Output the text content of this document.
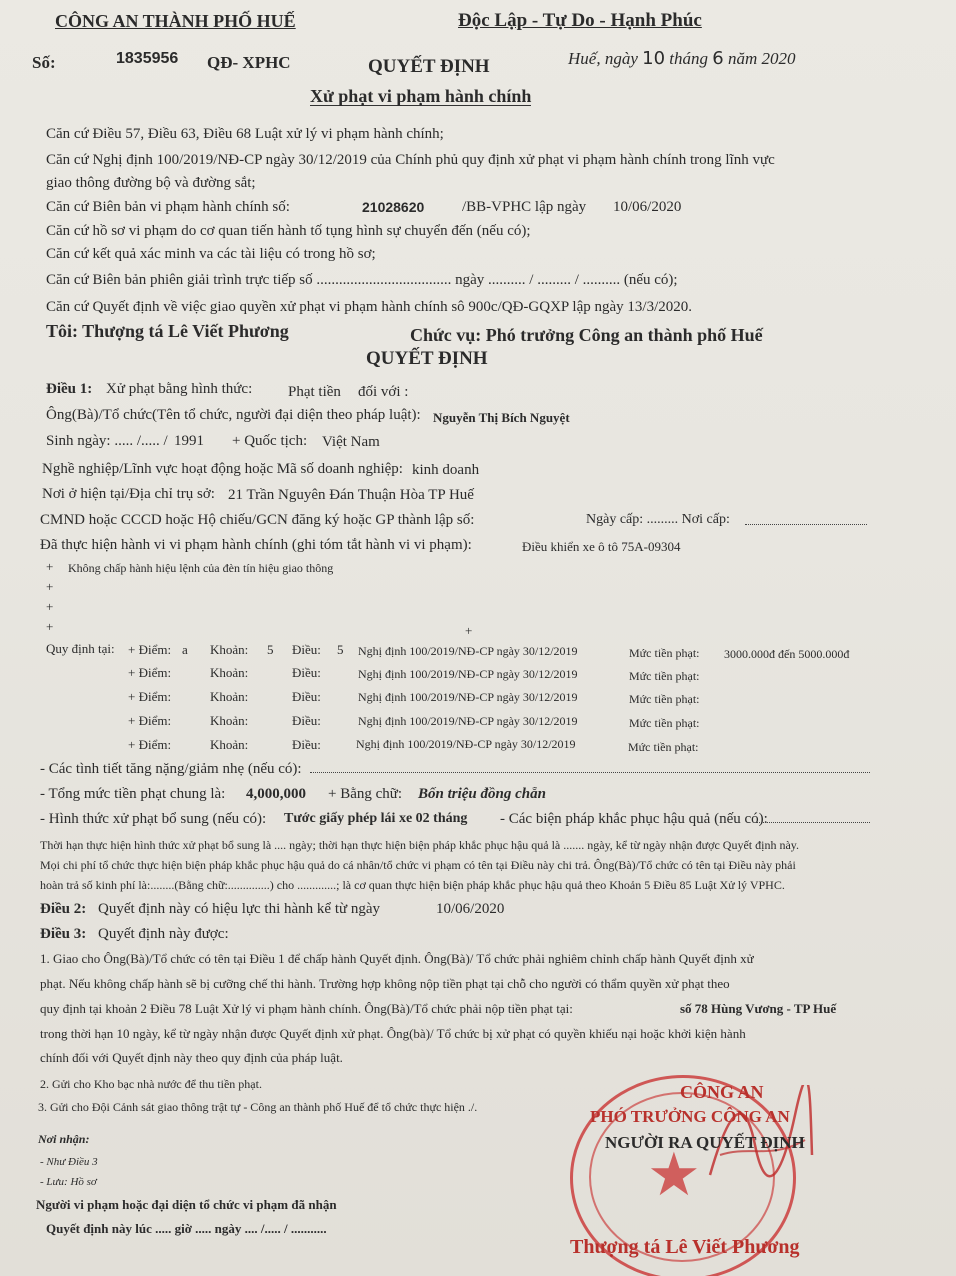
CÔNG AN THÀNH PHỐ HUẾ	Độc Lập - Tự Do - Hạnh Phúc
Số:	1835956 QĐ- XPHC	QUYẾT ĐỊNH	Huế, ngày 10 tháng 6 năm 2020
Xử phạt vi phạm hành chính
Căn cứ Điều 57, Điều 63, Điều 68 Luật xử lý vi phạm hành chính;
Căn cứ Nghị định 100/2019/NĐ-CP ngày 30/12/2019 của Chính phủ quy định xử phạt vi phạm hành chính trong lĩnh vực
giao thông đường bộ và đường sắt;
Căn cứ Biên bản vi phạm hành chính số:	21028620	/BB-VPHC lập ngày 10/06/2020
Căn cứ hồ sơ vi phạm do cơ quan tiến hành tố tụng hình sự chuyển đến (nếu có);
Căn cứ kết quả xác minh va các tài liệu có trong hồ sơ;
Căn cứ Biên bản phiên giải trình trực tiếp số .................................... ngày .......... / ......... / .......... (nếu có);
Căn cứ Quyết định về việc giao quyền xử phạt vi phạm hành chính sô 900c/QĐ-GQXP lập ngày 13/3/2020.
Tôi: Thượng tá Lê Viết Phương	Chức vụ: Phó trưởng Công an thành phố Huế
QUYẾT ĐỊNH
Điều 1: Xử phạt bằng hình thức: Phạt tiền đối với :
Ông(Bà)/Tổ chức(Tên tổ chức, người đại diện theo pháp luật): Nguyễn Thị Bích Nguyệt
Sinh ngày: ..... /..... / 1991 + Quốc tịch: Việt Nam
Nghề nghiệp/Lĩnh vực hoạt động hoặc Mã số doanh nghiệp: kinh doanh
Nơi ở hiện tại/Địa chỉ trụ sở: 21 Trần Nguyên Đán Thuận Hòa TP Huế
CMND hoặc CCCD hoặc Hộ chiếu/GCN đăng ký hoặc GP thành lập số:	Ngày cấp: ......... Nơi cấp:
Đã thực hiện hành vi vi phạm hành chính (ghi tóm tắt hành vi vi phạm):	Điều khiển xe ô tô 75A-09304
+ Không chấp hành hiệu lệnh của đèn tín hiệu giao thông
+
+
+	+
Quy định tại: + Điểm: a Khoản: 5 Điều: 5 Nghị định 100/2019/NĐ-CP ngày 30/12/2019	Mức tiền phạt: 3000.000đ đến 5000.000đ
+ Điểm:	Khoản:	Điều:	Nghị định 100/2019/NĐ-CP ngày 30/12/2019	Mức tiền phạt:
+ Điểm:	Khoản:	Điều:	Nghị định 100/2019/NĐ-CP ngày 30/12/2019	Mức tiền phạt:
+ Điểm:	Khoản:	Điều:	Nghị định 100/2019/NĐ-CP ngày 30/12/2019	Mức tiền phạt:
+ Điểm:	Khoản:	Điều:	Nghị định 100/2019/NĐ-CP ngày 30/12/2019	Mức tiền phạt:
- Các tình tiết tăng nặng/giảm nhẹ (nếu có):
- Tổng mức tiền phạt chung là: 4,000,000 + Bằng chữ: Bốn triệu đồng chẵn
- Hình thức xử phạt bổ sung (nếu có): Tước giấy phép lái xe 02 tháng - Các biện pháp khắc phục hậu quả (nếu có):
Thời hạn thực hiện hình thức xử phạt bổ sung là .... ngày; thời hạn thực hiện biện pháp khắc phục hậu quả là ....... ngày, kể từ ngày nhận được Quyết định này.
Mọi chi phí tổ chức thực hiện biện pháp khắc phục hậu quả do cá nhân/tổ chức vi phạm có tên tại Điều này chi trả. Ông(Bà)/Tổ chức có tên tại Điều này phải
hoàn trả số kinh phí là:........(Bằng chữ:..............) cho .............; là cơ quan thực hiện biện pháp khắc phục hậu quả theo Khoản 5 Điều 85 Luật Xử lý VPHC.
Điều 2: Quyết định này có hiệu lực thi hành kể từ ngày	10/06/2020
Điều 3: Quyết định này được:
1. Giao cho Ông(Bà)/Tổ chức có tên tại Điều 1 để chấp hành Quyết định. Ông(Bà)/ Tổ chức phải nghiêm chỉnh chấp hành Quyết định xử
phạt. Nếu không chấp hành sẽ bị cưỡng chế thi hành. Trường hợp không nộp tiền phạt tại chỗ cho người có thẩm quyền xử phạt theo
quy định tại khoản 2 Điều 78 Luật Xử lý vi phạm hành chính. Ông(Bà)/Tổ chức phải nộp tiền phạt tại:	số 78 Hùng Vương - TP Huế
trong thời hạn 10 ngày, kể từ ngày nhận được Quyết định xử phạt. Ông(bà)/ Tổ chức bị xử phạt có quyền khiếu nại hoặc khởi kiện hành
chính đối với Quyết định này theo quy định của pháp luật.
2. Gửi cho Kho bạc nhà nước để thu tiền phạt.
3. Gửi cho Đội Cảnh sát giao thông trật tự - Công an thành phố Huế để tổ chức thực hiện ./.
Nơi nhận:
- Như Điều 3
- Lưu: Hồ sơ
Người vi phạm hoặc đại diện tổ chức vi phạm đã nhận
Quyết định này lúc ..... giờ ..... ngày .... /..... / ...........
★
CÔNG AN
PHÓ TRƯỞNG CÔNG AN
NGƯỜI RA QUYẾT ĐỊNH
Thượng tá Lê Viết Phương
